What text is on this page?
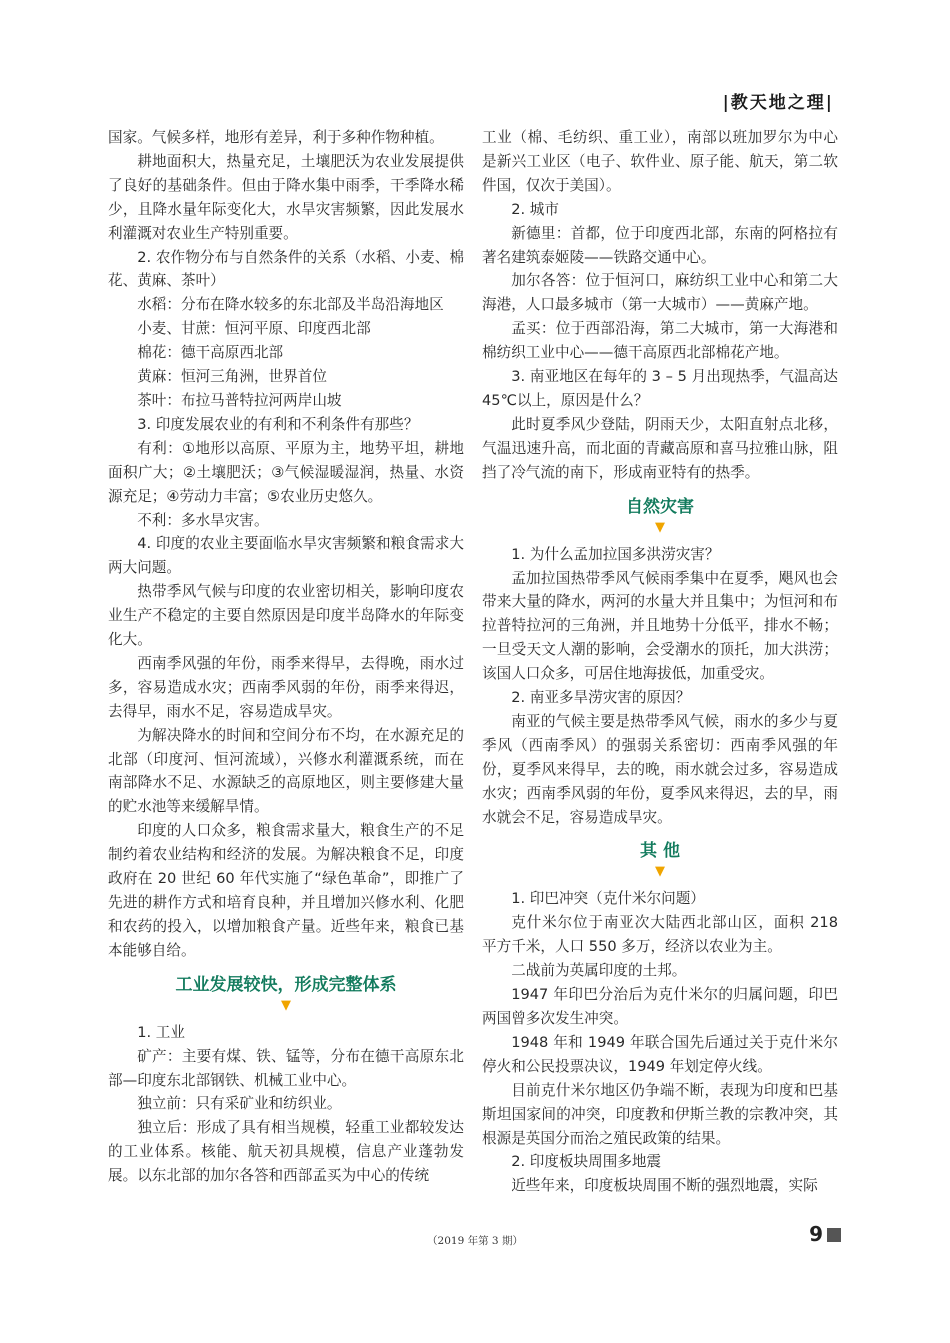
|教天地之理|

国家。气候多样，地形有差异，利于多种作物种植。

耕地面积大，热量充足，土壤肥沃为农业发展提供了良好的基础条件。但由于降水集中雨季，干季降水稀少，且降水量年际变化大，水旱灾害频繁，因此发展水利灌溉对农业生产特别重要。

2. 农作物分布与自然条件的关系（水稻、小麦、棉花、黄麻、茶叶）

水稻：分布在降水较多的东北部及半岛沿海地区

小麦、甘蔗：恒河平原、印度西北部

棉花：德干高原西北部

黄麻：恒河三角洲，世界首位

茶叶：布拉马普特拉河两岸山坡

3. 印度发展农业的有利和不利条件有那些？

有利：①地形以高原、平原为主，地势平坦，耕地面积广大；②土壤肥沃；③气候湿暖湿润，热量、水资源充足；④劳动力丰富；⑤农业历史悠久。

不利：多水旱灾害。

4. 印度的农业主要面临水旱灾害频繁和粮食需求大两大问题。

热带季风气候与印度的农业密切相关，影响印度农业生产不稳定的主要自然原因是印度半岛降水的年际变化大。

西南季风强的年份，雨季来得早，去得晚，雨水过多，容易造成水灾；西南季风弱的年份，雨季来得迟，去得早，雨水不足，容易造成旱灾。

为解决降水的时间和空间分布不均，在水源充足的北部（印度河、恒河流域），兴修水利灌溉系统，而在南部降水不足、水源缺乏的高原地区，则主要修建大量的贮水池等来缓解旱情。

印度的人口众多，粮食需求量大，粮食生产的不足制约着农业结构和经济的发展。为解决粮食不足，印度政府在 20 世纪 60 年代实施了“绿色革命”，即推广了先进的耕作方式和培育良种，并且增加兴修水利、化肥和农药的投入，以增加粮食产量。近些年来，粮食已基本能够自给。

工业发展较快，形成完整体系
▼

1. 工业

矿产：主要有煤、铁、锰等，分布在德干高原东北部—印度东北部钢铁、机械工业中心。

独立前：只有采矿业和纺织业。

独立后：形成了具有相当规模，轻重工业都较发达的工业体系。核能、航天初具规模，信息产业蓬勃发展。以东北部的加尔各答和西部孟买为中心的传统

工业（棉、毛纺织、重工业），南部以班加罗尔为中心是新兴工业区（电子、软件业、原子能、航天，第二软件国，仅次于美国）。

2. 城市

新德里：首都，位于印度西北部，东南的阿格拉有著名建筑泰姬陵——铁路交通中心。

加尔各答：位于恒河口，麻纺织工业中心和第二大海港，人口最多城市（第一大城市）——黄麻产地。

孟买：位于西部沿海，第二大城市，第一大海港和棉纺织工业中心——德干高原西北部棉花产地。

3. 南亚地区在每年的 3 – 5 月出现热季，气温高达 45℃以上，原因是什么？

此时夏季风少登陆，阴雨天少，太阳直射点北移，气温迅速升高，而北面的青藏高原和喜马拉雅山脉，阻挡了冷气流的南下，形成南亚特有的热季。

自然灾害
▼

1. 为什么孟加拉国多洪涝灾害？

孟加拉国热带季风气候雨季集中在夏季，飓风也会带来大量的降水，两河的水量大并且集中；为恒河和布拉普特拉河的三角洲，并且地势十分低平，排水不畅；一旦受天文人潮的影响，会受潮水的顶托，加大洪涝；该国人口众多，可居住地海拔低，加重受灾。

2. 南亚多旱涝灾害的原因？

南亚的气候主要是热带季风气候，雨水的多少与夏季风（西南季风）的强弱关系密切：西南季风强的年份，夏季风来得早，去的晚，雨水就会过多，容易造成水灾；西南季风弱的年份，夏季风来得迟，去的早，雨水就会不足，容易造成旱灾。

其 他
▼

1. 印巴冲突（克什米尔问题）

克什米尔位于南亚次大陆西北部山区，面积 218 平方千米，人口 550 多万，经济以农业为主。

二战前为英属印度的土邦。

1947 年印巴分治后为克什米尔的归属问题，印巴两国曾多次发生冲突。

1948 年和 1949 年联合国先后通过关于克什米尔停火和公民投票决议，1949 年划定停火线。

目前克什米尔地区仍争端不断，表现为印度和巴基斯坦国家间的冲突，印度教和伊斯兰教的宗教冲突，其根源是英国分而治之殖民政策的结果。

2. 印度板块周围多地震

近些年来，印度板块周围不断的强烈地震，实际

（2019 年第 3 期）	9
